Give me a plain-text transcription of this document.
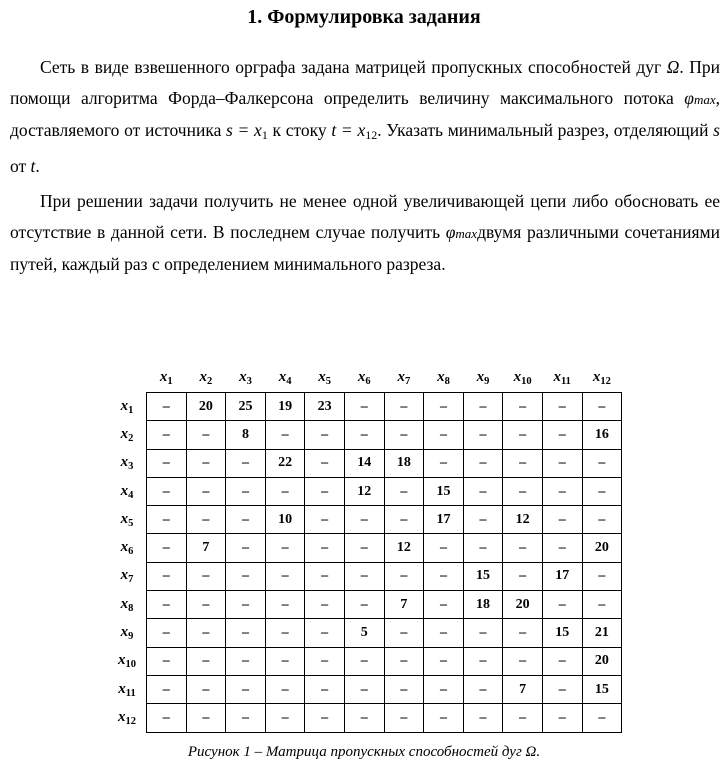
1. Формулировка задания
Сеть в виде взвешенного орграфа задана матрицей пропускных способностей дуг Ω. При помощи алгоритма Форда–Фалкерсона определить величину максимального потока φmax, доставляемого от источника $s = x_1$ к стоку $t = x_{12}$. Указать минимальный разрез, отделяющий s от t.
При решении задачи получить не менее одной увеличивающей цепи либо обосновать ее отсутствие в данной сети. В последнем случае получить φmaxдвумя различными сочетаниями путей, каждый раз с определением минимального разреза.
	$x_1$	$x_2$	$x_3$	$x_4$	$x_5$	$x_6$	$x_7$	$x_8$	$x_9$	$x_{10}$	$x_{11}$	$x_{12}$
$x_1$	–	20	25	19	23	–	–	–	–	–	–	–
$x_2$	–	–	8	–	–	–	–	–	–	–	–	16
$x_3$	–	–	–	22	–	14	18	–	–	–	–	–
$x_4$	–	–	–	–	–	12	–	15	–	–	–	–
$x_5$	–	–	–	10	–	–	–	17	–	12	–	–
$x_6$	–	7	–	–	–	–	12	–	–	–	–	20
$x_7$	–	–	–	–	–	–	–	–	15	–	17	–
$x_8$	–	–	–	–	–	–	7	–	18	20	–	–
$x_9$	–	–	–	–	–	5	–	–	–	–	15	21
$x_{10}$	–	–	–	–	–	–	–	–	–	–	–	20
$x_{11}$	–	–	–	–	–	–	–	–	–	7	–	15
$x_{12}$	–	–	–	–	–	–	–	–	–	–	–	–
Рисунок 1 – Матрица пропускных способностей дуг Ω.
